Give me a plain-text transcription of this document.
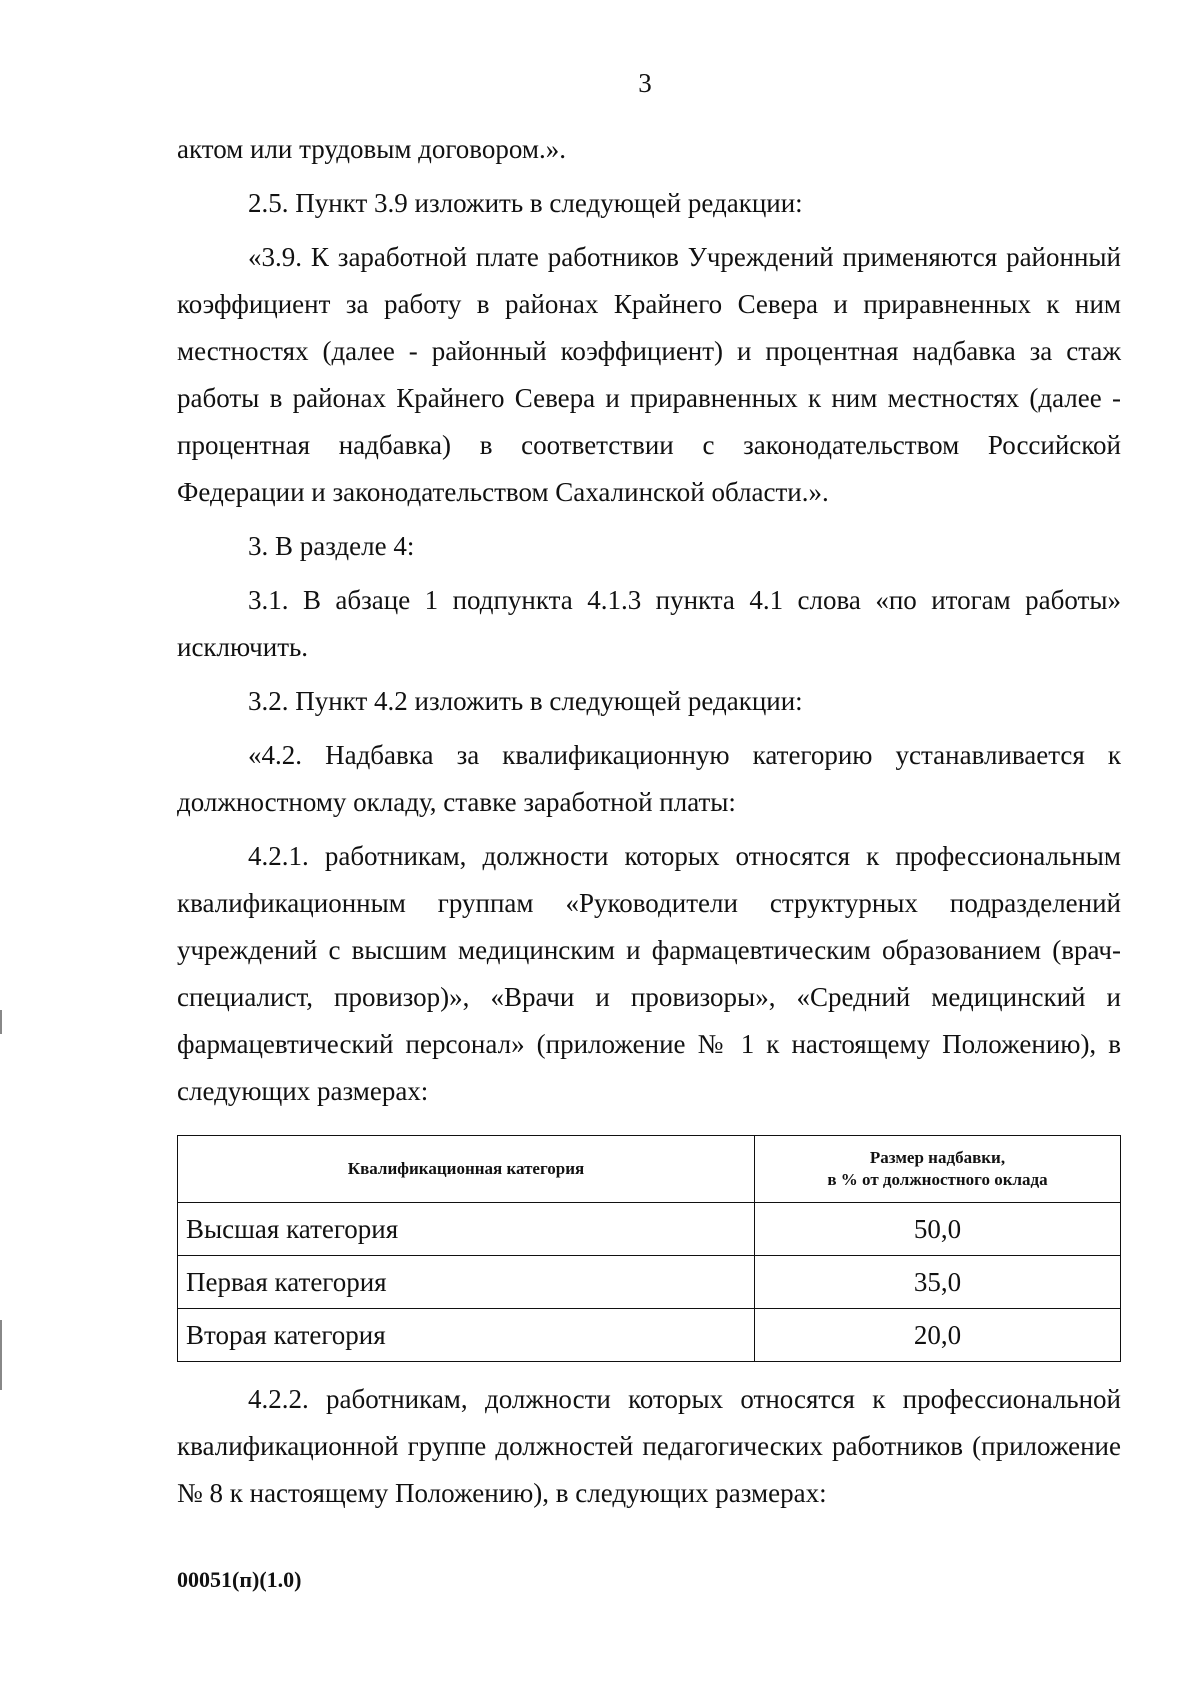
3

актом или трудовым договором.».

2.5. Пункт 3.9 изложить в следующей редакции:

«3.9. К заработной плате работников Учреждений применяются районный коэффициент за работу в районах Крайнего Севера и приравненных к ним местностях (далее - районный коэффициент) и процентная надбавка за стаж работы в районах Крайнего Севера и приравненных к ним местностях (далее - процентная надбавка) в соответствии с законодательством Российской Федерации и законодательством Сахалинской области.».

3. В разделе 4:

3.1. В абзаце 1 подпункта 4.1.3 пункта 4.1 слова «по итогам работы» исключить.

3.2. Пункт 4.2 изложить в следующей редакции:

«4.2. Надбавка за квалификационную категорию устанавливается к должностному окладу, ставке заработной платы:

4.2.1. работникам, должности которых относятся к профессиональным квалификационным группам «Руководители структурных подразделений учреждений с высшим медицинским и фармацевтическим образованием (врач-специалист, провизор)», «Врачи и провизоры», «Средний медицинский и фармацевтический персонал» (приложение № 1 к настоящему Положению), в следующих размерах:

Квалификационная категория	Размер надбавки,
в % от должностного оклада
Высшая категория	50,0
Первая категория	35,0
Вторая категория	20,0

4.2.2. работникам, должности которых относятся к профессиональной квалификационной группе должностей педагогических работников (приложение № 8 к настоящему Положению), в следующих размерах:

00051(п)(1.0)
